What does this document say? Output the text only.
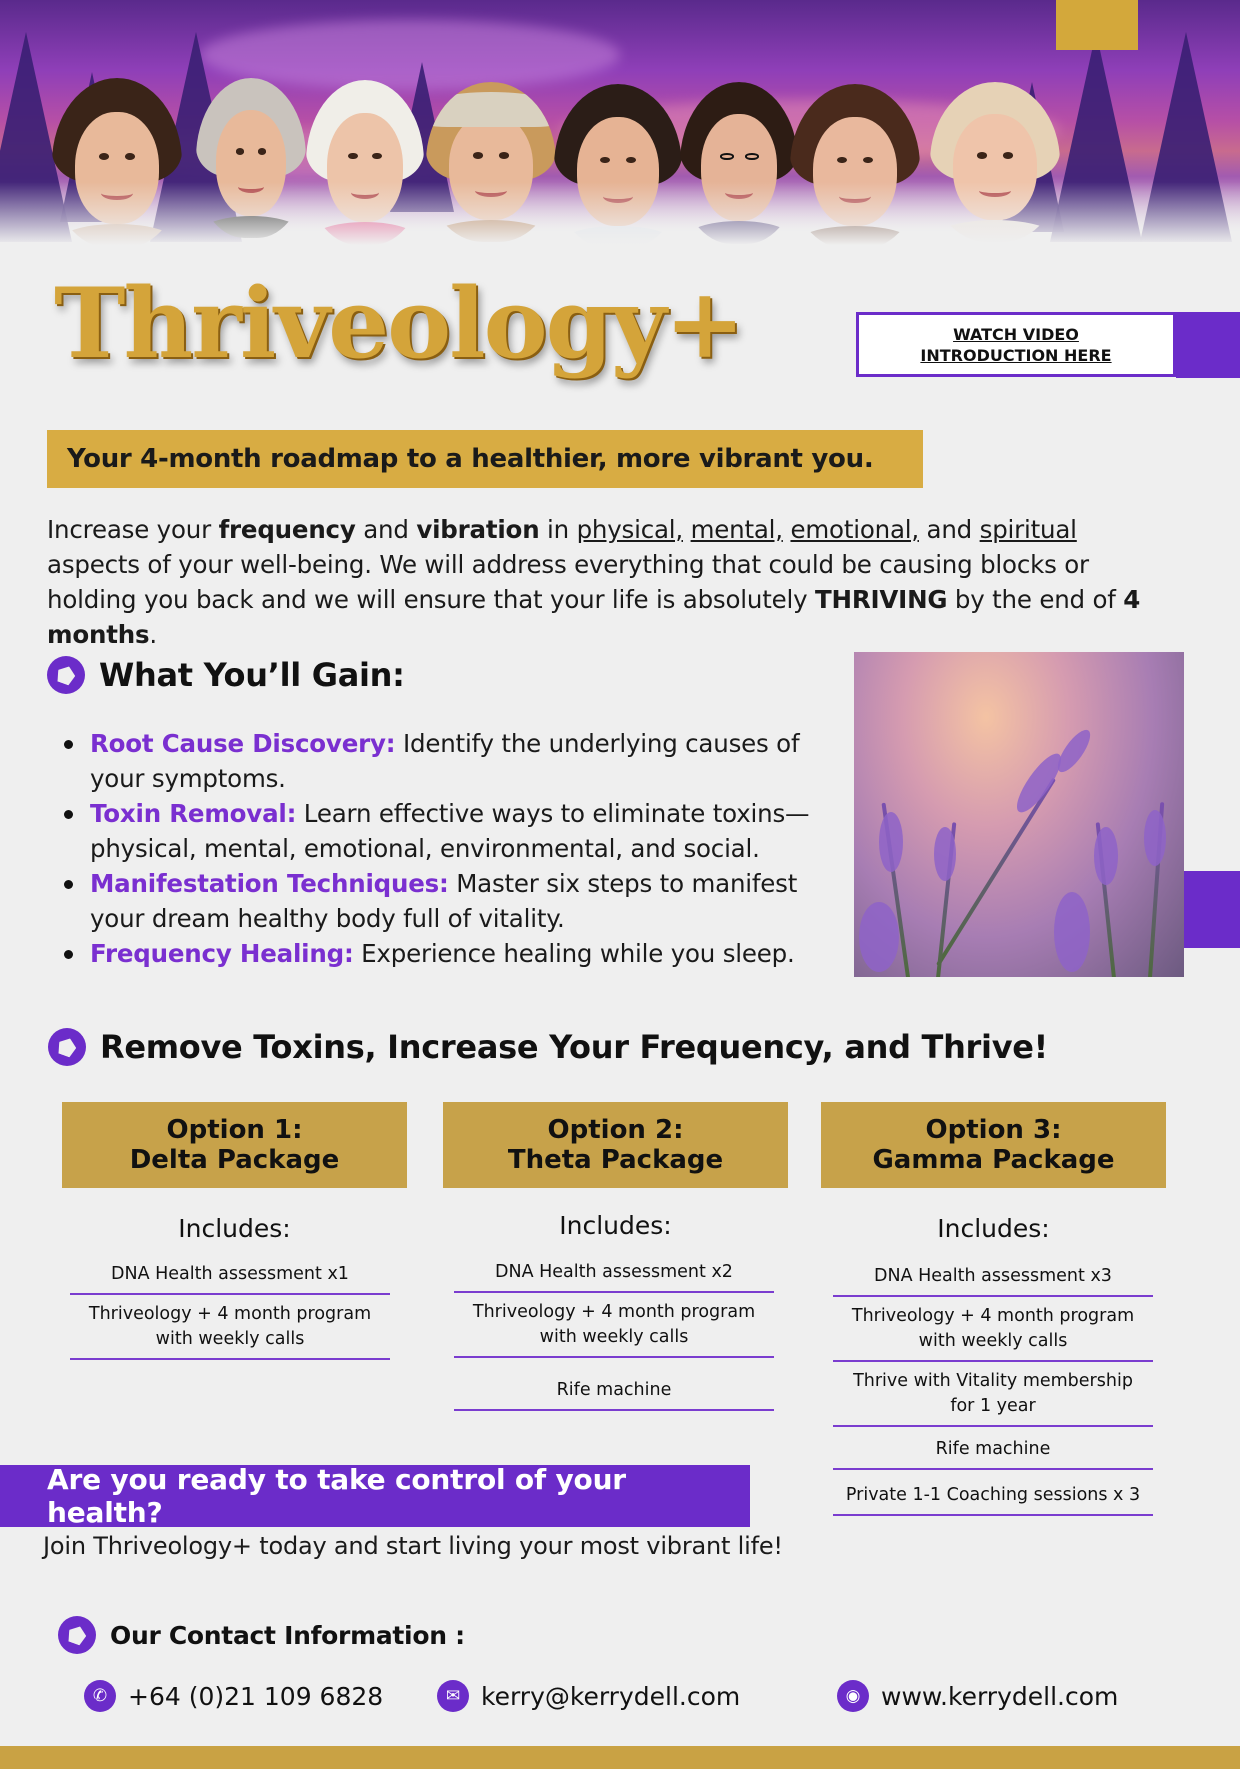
Thriveology+	WATCH VIDEO
INTRODUCTION HERE
Your 4-month roadmap to a healthier, more vibrant you.

Increase your frequency and vibration in physical, mental, emotional, and spiritual aspects of your well-being. We will address everything that could be causing blocks or holding you back and we will ensure that your life is absolutely THRIVING by the end of 4 months.

What You’ll Gain:
Root Cause Discovery: Identify the underlying causes of your symptoms.
Toxin Removal: Learn effective ways to eliminate toxins—physical, mental, emotional, environmental, and social.
Manifestation Techniques: Master six steps to manifest your dream healthy body full of vitality.
Frequency Healing: Experience healing while you sleep.
Remove Toxins, Increase Your Frequency, and Thrive!
Option 1:
Delta Package
Includes:
DNA Health assessment x1
Thriveology + 4 month program
with weekly calls
Option 2:
Theta Package
Includes:
DNA Health assessment x2
Thriveology + 4 month program
with weekly calls
Rife machine
Option 3:
Gamma Package
Includes:
DNA Health assessment x3
Thriveology + 4 month program
with weekly calls
Thrive with Vitality membership
for 1 year
Rife machine
Private 1-1 Coaching sessions x 3
Are you ready to take control of your health?
Join Thriveology+ today and start living your most vibrant life!
Our Contact Information :
✆ +64 (0)21 109 6828	✉ kerry@kerrydell.com	◉ www.kerrydell.com
